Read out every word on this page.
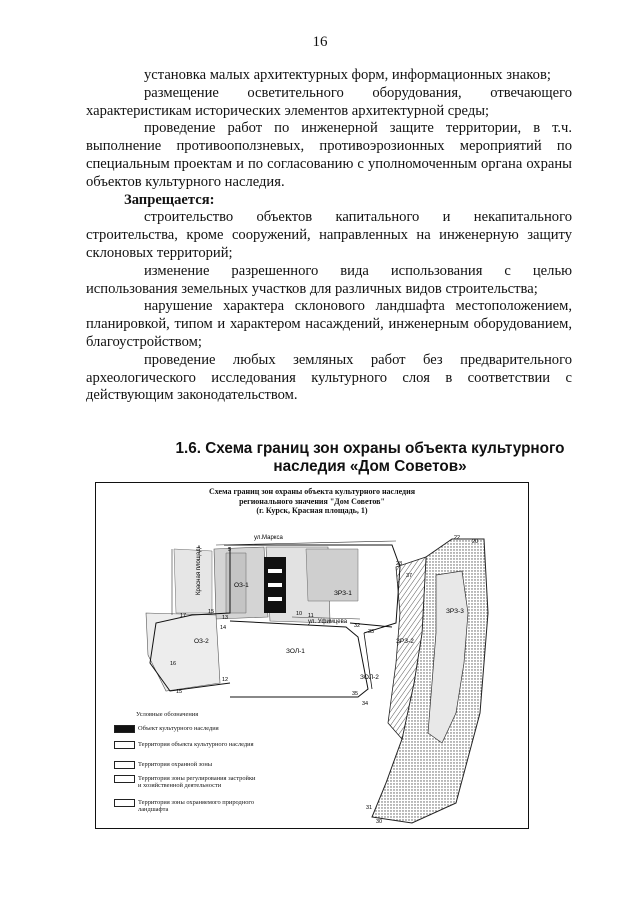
16

установка малых архитектурных форм, информационных знаков;

размещение осветительного оборудования, отвечающего характеристикам исторических элементов архитектурной среды;

проведение работ по инженерной защите территории, в т.ч. выполнение противооползневых, противоэрозионных мероприятий по специальным проектам и по согласованию с уполномоченным органа охраны объектов культурного наследия.

Запрещается:

строительство объектов капитального и некапитального строительства, кроме сооружений, направленных на инженерную защиту склоновых территорий;

изменение разрешенного вида использования с целью использования земельных участков для различных видов строительства;

нарушение характера склонового ландшафта местоположением, планировкой, типом и характером насаждений, инженерным оборудованием, благоустройством;

проведение любых земляных работ без предварительного археологического исследования культурного слоя в соответствии с действующим законодательством.

1.6. Схема границ зон охраны объекта культурного наследия «Дом Советов»
Схема границ зон охраны объекта культурного наследия
регионального значения "Дом Советов"
(г. Курск, Красная площадь, 1)
ул.Маркса
Красная площадь
ул. Уфимцева
ОЗ-1
ОЗ-2
ЗРЗ-1
ЗРЗ-2
ЗРЗ-3
ЗОЛ-1
ЗОЛ-2
5
17
15
13
16
10 11
12
14
15
33
32
35
31
34
30
37
22
20
28
Условные обозначения
Объект культурного наследия
Территория объекта культурного наследия
Территория охранной зоны
Территория зоны регулирования застройки и хозяйственной деятельности
Территория зоны охраняемого природного ландшафта
